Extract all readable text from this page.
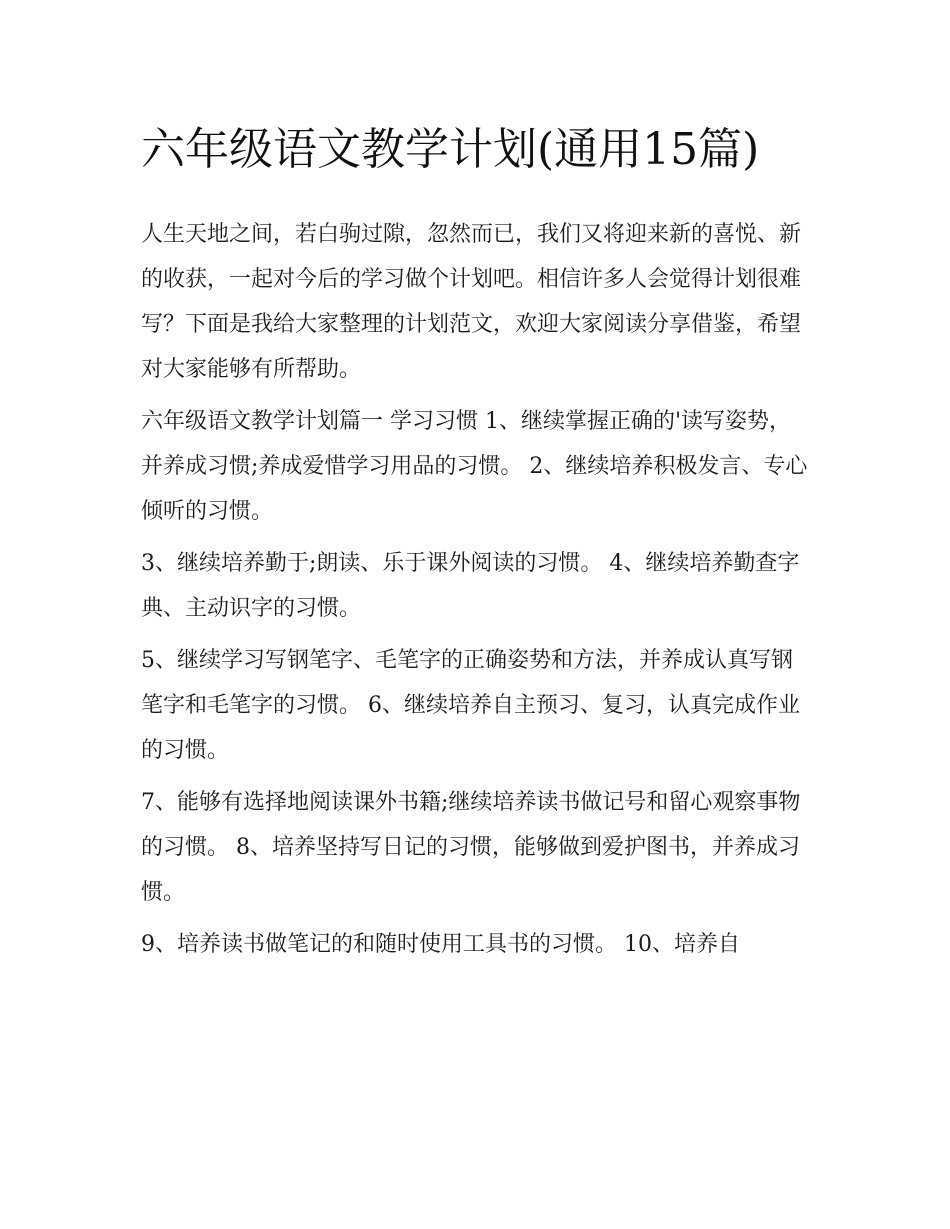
六年级语文教学计划(通用15篇)

人生天地之间，若白驹过隙，忽然而已，我们又将迎来新的喜悦、新的收获，一起对今后的学习做个计划吧。相信许多人会觉得计划很难写？下面是我给大家整理的计划范文，欢迎大家阅读分享借鉴，希望对大家能够有所帮助。

六年级语文教学计划篇一 学习习惯 1、继续掌握正确的'读写姿势，并养成习惯;养成爱惜学习用品的习惯。 2、继续培养积极发言、专心倾听的习惯。

3、继续培养勤于;朗读、乐于课外阅读的习惯。 4、继续培养勤查字典、主动识字的习惯。

5、继续学习写钢笔字、毛笔字的正确姿势和方法，并养成认真写钢笔字和毛笔字的习惯。 6、继续培养自主预习、复习，认真完成作业的习惯。

7、能够有选择地阅读课外书籍;继续培养读书做记号和留心观察事物的习惯。 8、培养坚持写日记的习惯，能够做到爱护图书，并养成习惯。

9、培养读书做笔记的和随时使用工具书的习惯。 10、培养自
